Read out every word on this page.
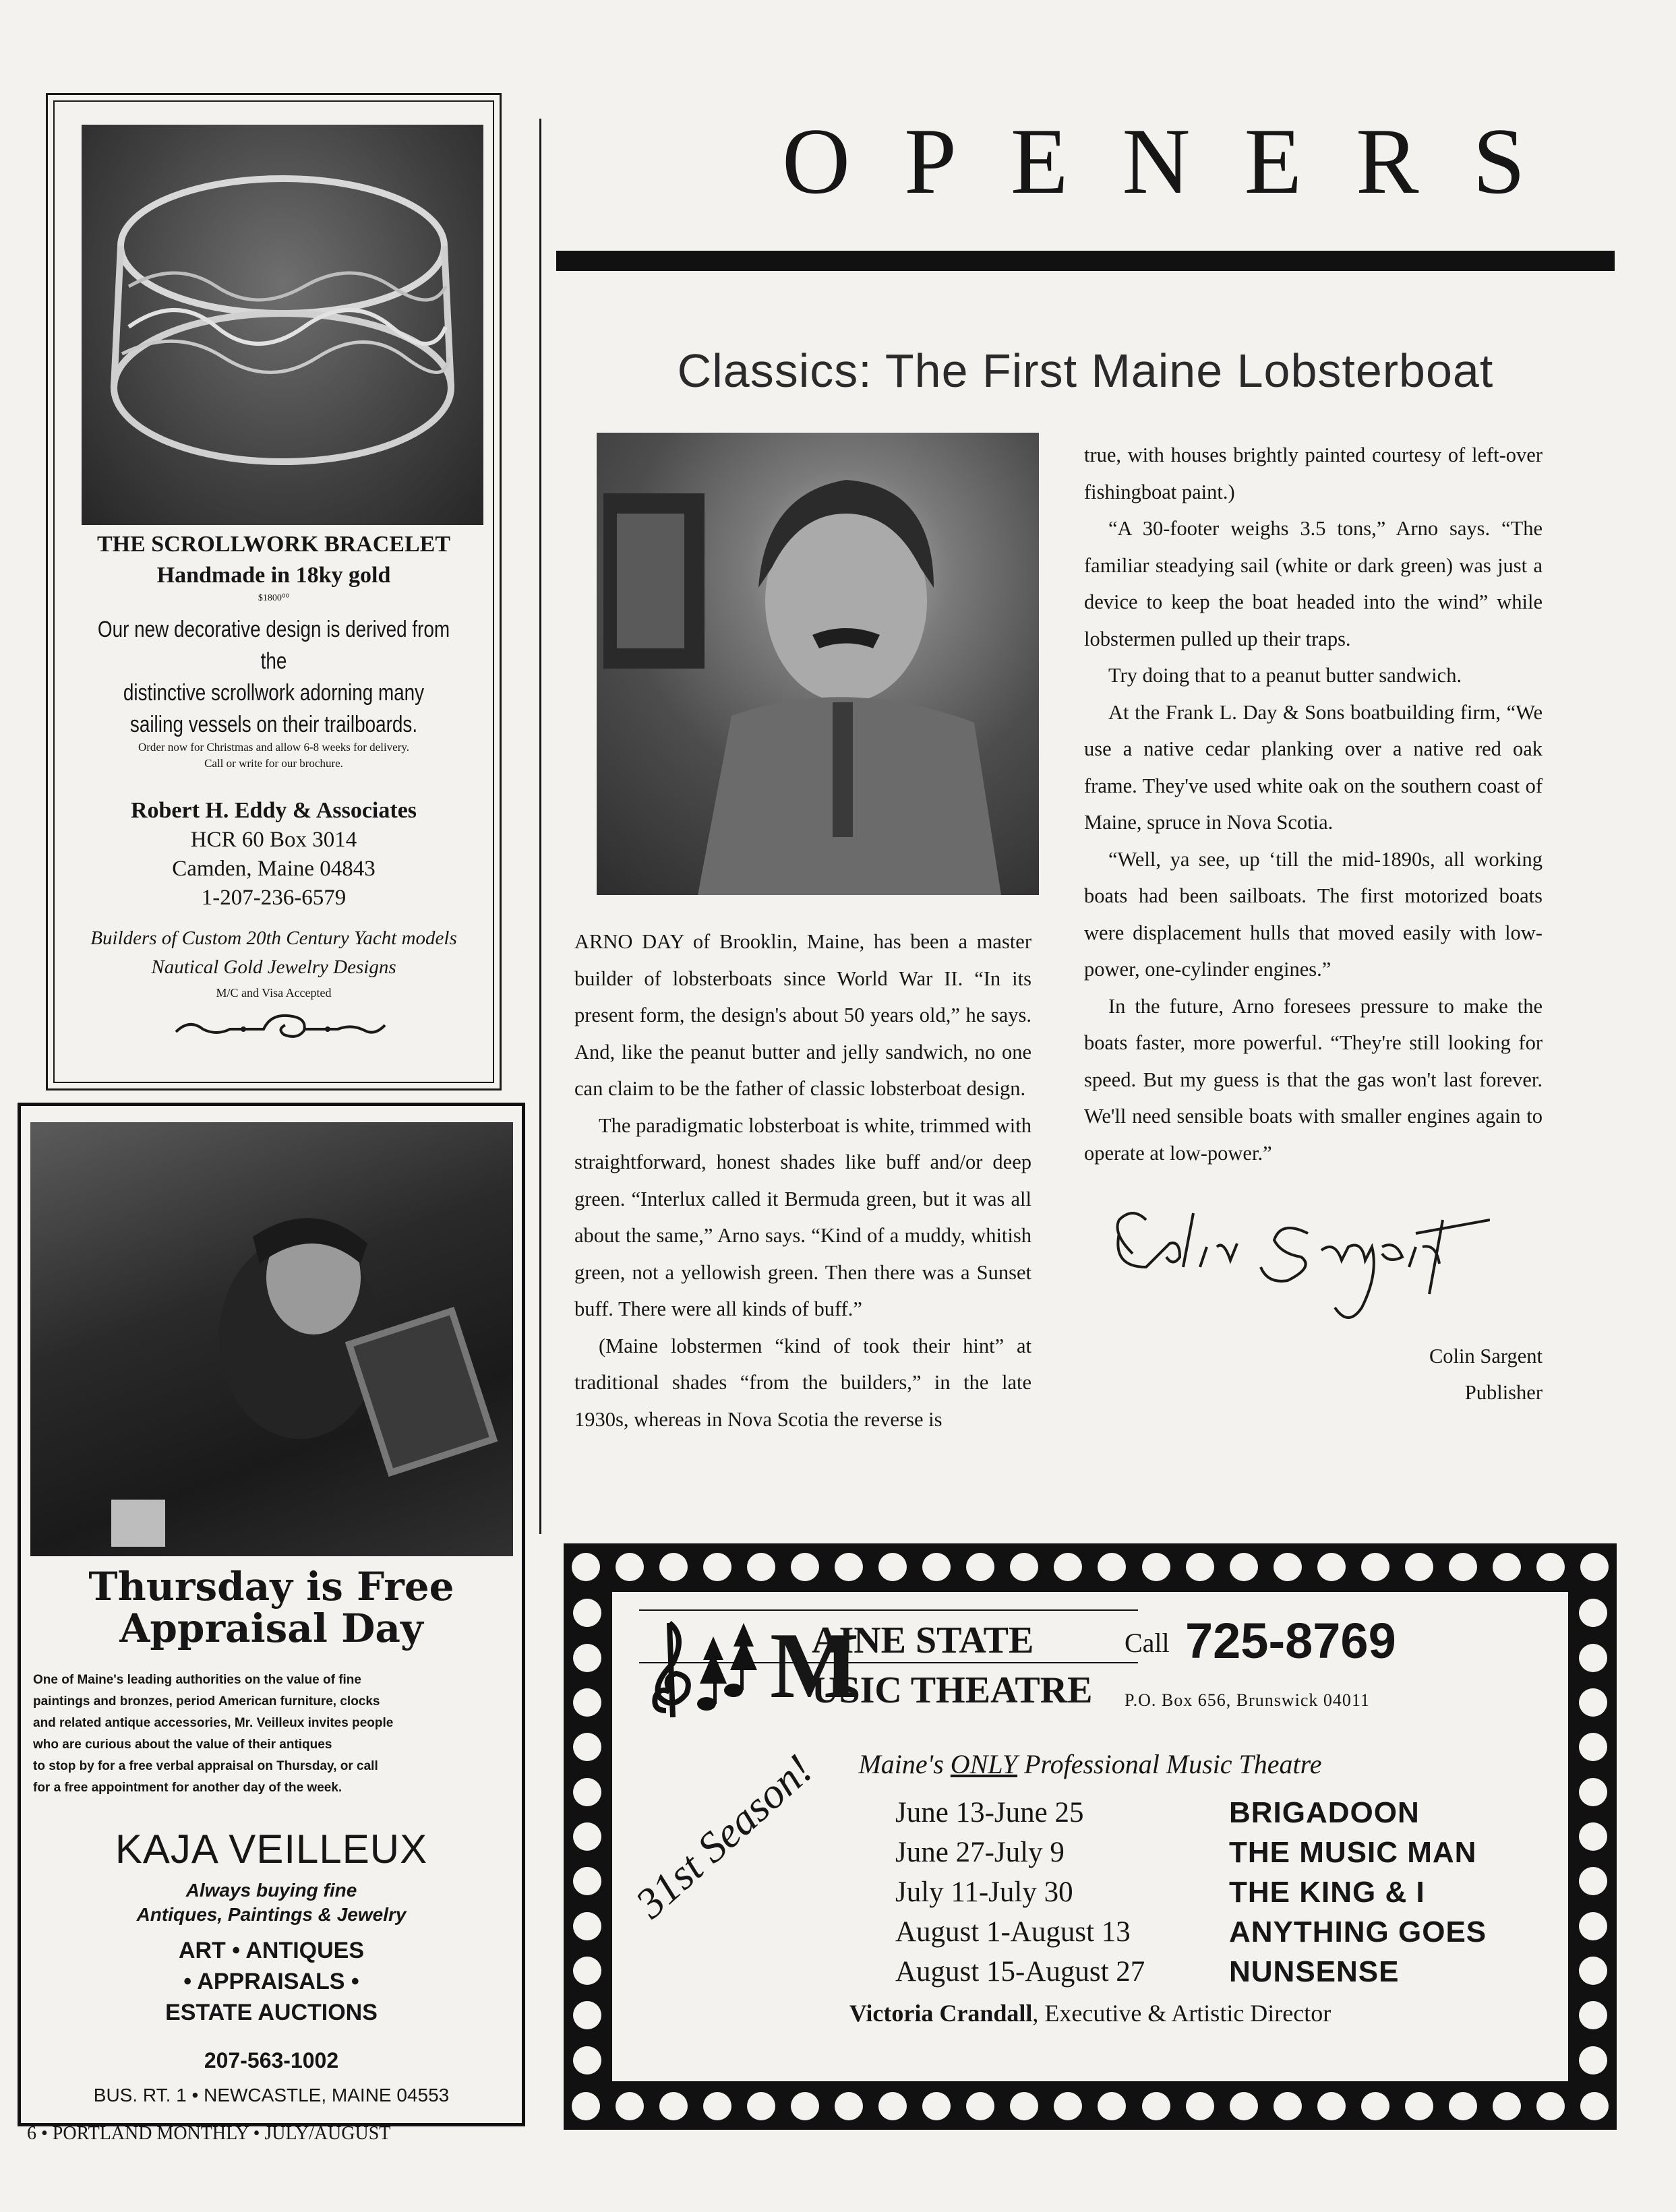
THE SCROLLWORK BRACELET
Handmade in 18ky gold
$1800⁰⁰
Our new decorative design is derived from the
distinctive scrollwork adorning many
sailing vessels on their trailboards.
Order now for Christmas and allow 6-8 weeks for delivery.
Call or write for our brochure.
Robert H. Eddy & Associates
HCR 60 Box 3014
Camden, Maine 04843
1-207-236-6579
Builders of Custom 20th Century Yacht models
Nautical Gold Jewelry Designs
M/C and Visa Accepted
Thursday is Free
Appraisal Day
One of Maine's leading authorities on the value of fine
paintings and bronzes, period American furniture, clocks
and related antique accessories, Mr. Veilleux invites people
who are curious about the value of their antiques
to stop by for a free verbal appraisal on Thursday, or call
for a free appointment for another day of the week.
KAJA VEILLEUX
Always buying fine
Antiques, Paintings & Jewelry
ART • ANTIQUES
• APPRAISALS •
ESTATE AUCTIONS
207-563-1002
BUS. RT. 1 • NEWCASTLE, MAINE 04553
6 • PORTLAND MONTHLY • JULY/AUGUST
OPENERS
Classics: The First Maine Lobsterboat

ARNO DAY of Brooklin, Maine, has been a master builder of lobsterboats since World War II. “In its present form, the design's about 50 years old,” he says. And, like the peanut butter and jelly sandwich, no one can claim to be the father of classic lobsterboat design.

The paradigmatic lobsterboat is white, trimmed with straightforward, honest shades like buff and/or deep green. “Interlux called it Bermuda green, but it was all about the same,” Arno says. “Kind of a muddy, whitish green, not a yellowish green. Then there was a Sunset buff. There were all kinds of buff.”

(Maine lobstermen “kind of took their hint” at traditional shades “from the builders,” in the late 1930s, whereas in Nova Scotia the reverse is

true, with houses brightly painted courtesy of left-over fishingboat paint.)

“A 30-footer weighs 3.5 tons,” Arno says. “The familiar steadying sail (white or dark green) was just a device to keep the boat headed into the wind” while lobstermen pulled up their traps.

Try doing that to a peanut butter sandwich.

At the Frank L. Day & Sons boatbuilding firm, “We use a native cedar planking over a native red oak frame. They've used white oak on the southern coast of Maine, spruce in Nova Scotia.

“Well, ya see, up ‘till the mid-1890s, all working boats had been sailboats. The first motorized boats were displacement hulls that moved easily with low-power, one-cylinder engines.”

In the future, Arno foresees pressure to make the boats faster, more powerful. “They're still looking for speed. But my guess is that the gas won't last forever. We'll need sensible boats with smaller engines again to operate at low-power.”

Colin Sargent
Publisher
M
AINE STATE
USIC THEATRE
Call 725-8769
P.O. Box 656, Brunswick 04011
Maine's ONLY Professional Music Theatre
31st Season!	June 13-June 25
June 27-July 9
July 11-July 30
August 1-August 13
August 15-August 27
BRIGADOON
THE MUSIC MAN
THE KING & I
ANYTHING GOES
NUNSENSE
Victoria Crandall, Executive & Artistic Director
